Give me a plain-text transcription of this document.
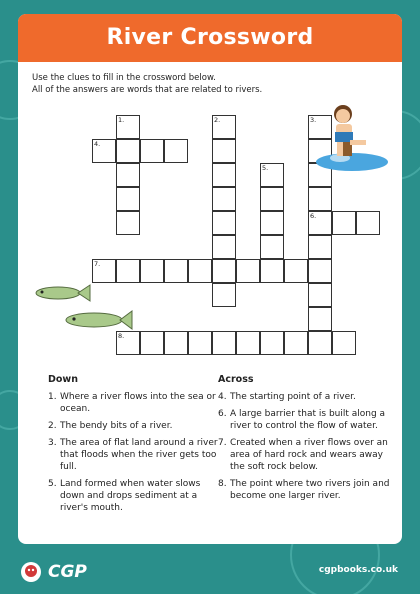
River Crossword
Use the clues to fill in the crossword below.
All of the answers are words that are related to rivers.
1.	2.	3.
4.
5.
6.
7.
8.
Down
1. Where a river flows into the sea or ocean.
2. The bendy bits of a river.
3. The area of flat land around a river that floods when the river gets too full.
5. Land formed when water slows down and drops sediment at a river's mouth.
Across
4. The starting point of a river.
6. A large barrier that is built along a river to control the flow of water.
7. Created when a river flows over an area of hard rock and wears away the soft rock below.
8. The point where two rivers join and become one larger river.
CGP	cgpbooks.co.uk
